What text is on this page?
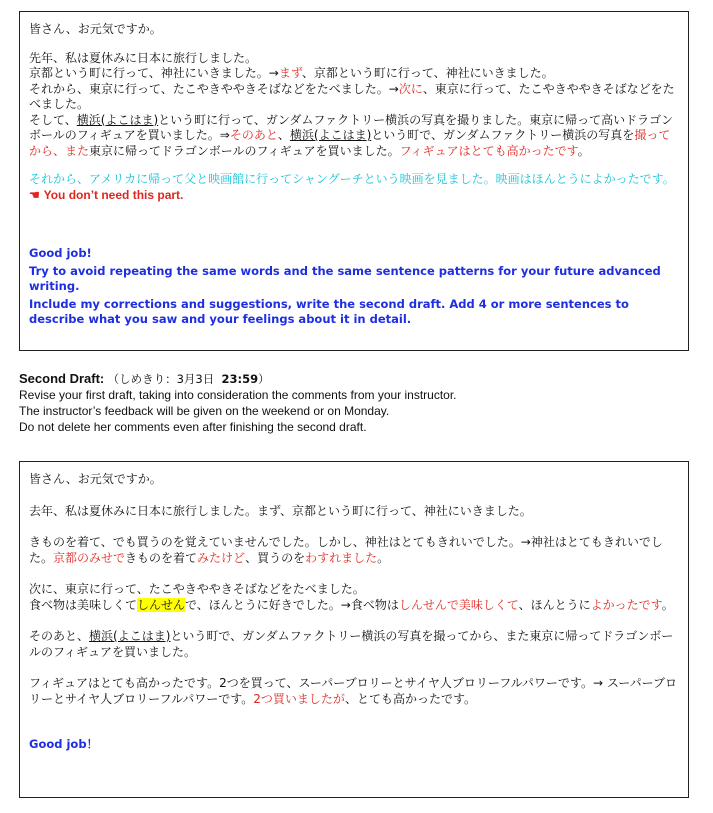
皆さん、お元気ですか。

先年、私は夏休みに日本に旅行しました。
京都という町に行って、神社にいきました。→まず、京都という町に行って、神社にいきました。
それから、東京に行って、たこやきややきそばなどをたべました。→次に、東京に行って、たこやきややきそばなどをたべました。
そして、横浜(よこはま)という町に行って、ガンダムファクトリー横浜の写真を撮りました。東京に帰って高いドラゴンボールのフィギュアを買いました。⇒そのあと、横浜(よこはま)という町で、ガンダムファクトリー横浜の写真を撮ってから、また東京に帰ってドラゴンボールのフィギュアを買いました。フィギュアはとても高かったです。

それから、アメリカに帰って父と映画館に行ってシャングーチという映画を見ました。映画はほんとうによかったです。☚ You don’t need this part.

Good job!

Try to avoid repeating the same words and the same sentence patterns for your future advanced writing.

Include my corrections and suggestions, write the second draft. Add 4 or more sentences to describe what you saw and your feelings about it in detail.

Second Draft: （しめきり：3月3日 23:59）
Revise your first draft, taking into consideration the comments from your instructor.
The instructor’s feedback will be given on the weekend or on Monday.
Do not delete her comments even after finishing the second draft.

皆さん、お元気ですか。

去年、私は夏休みに日本に旅行しました。まず、京都という町に行って、神社にいきました。

きものを着て、でも買うのを覚えていませんでした。しかし、神社はとてもきれいでした。→神社はとてもきれいでした。京都のみせできものを着てみたけど、買うのをわすれました。

次に、東京に行って、たこやきややきそばなどをたべました。
食べ物は美味しくてしんせんで、ほんとうに好きでした。→食べ物はしんせんで美味しくて、ほんとうによかったです。

そのあと、横浜(よこはま)という町で、ガンダムファクトリー横浜の写真を撮ってから、また東京に帰ってドラゴンボールのフィギュアを買いました。

フィギュアはとても高かったです。2つを買って、スーパーブロリーとサイヤ人ブロリーフルパワーです。→ スーパーブロリーとサイヤ人ブロリーフルパワーです。2つ買いましたが、とても高かったです。

Good job！
